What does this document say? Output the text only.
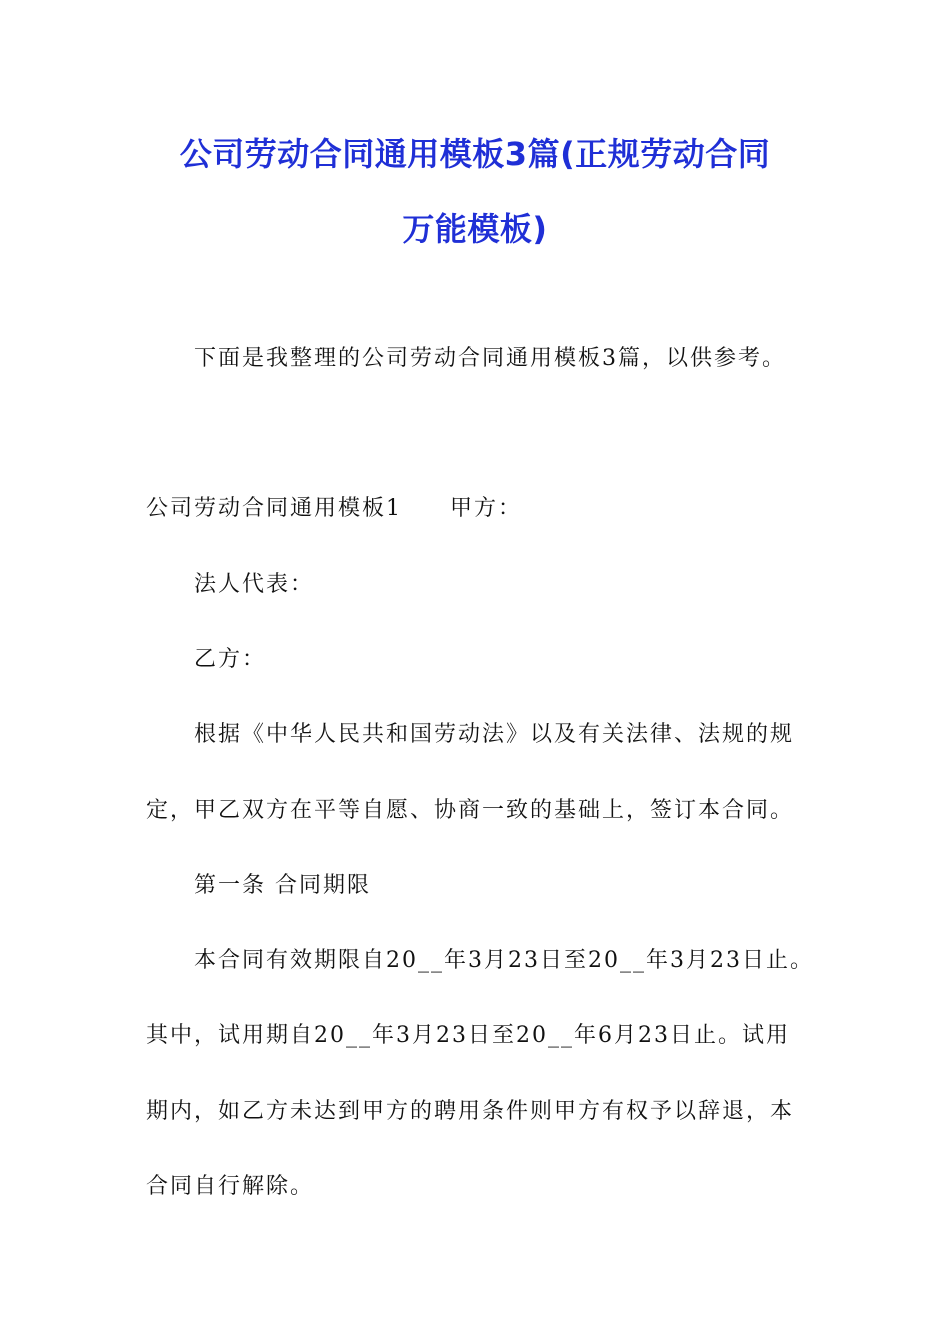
公司劳动合同通用模板3篇(正规劳动合同
万能模板)
下面是我整理的公司劳动合同通用模板3篇，以供参考。
公司劳动合同通用模板1 甲方：
法人代表：
乙方：
根据《中华人民共和国劳动法》以及有关法律、法规的规
定，甲乙双方在平等自愿、协商一致的基础上，签订本合同。
第一条 合同期限
本合同有效期限自20__年3月23日至20__年3月23日止。
其中，试用期自20__年3月23日至20__年6月23日止。试用
期内，如乙方未达到甲方的聘用条件则甲方有权予以辞退，本
合同自行解除。
